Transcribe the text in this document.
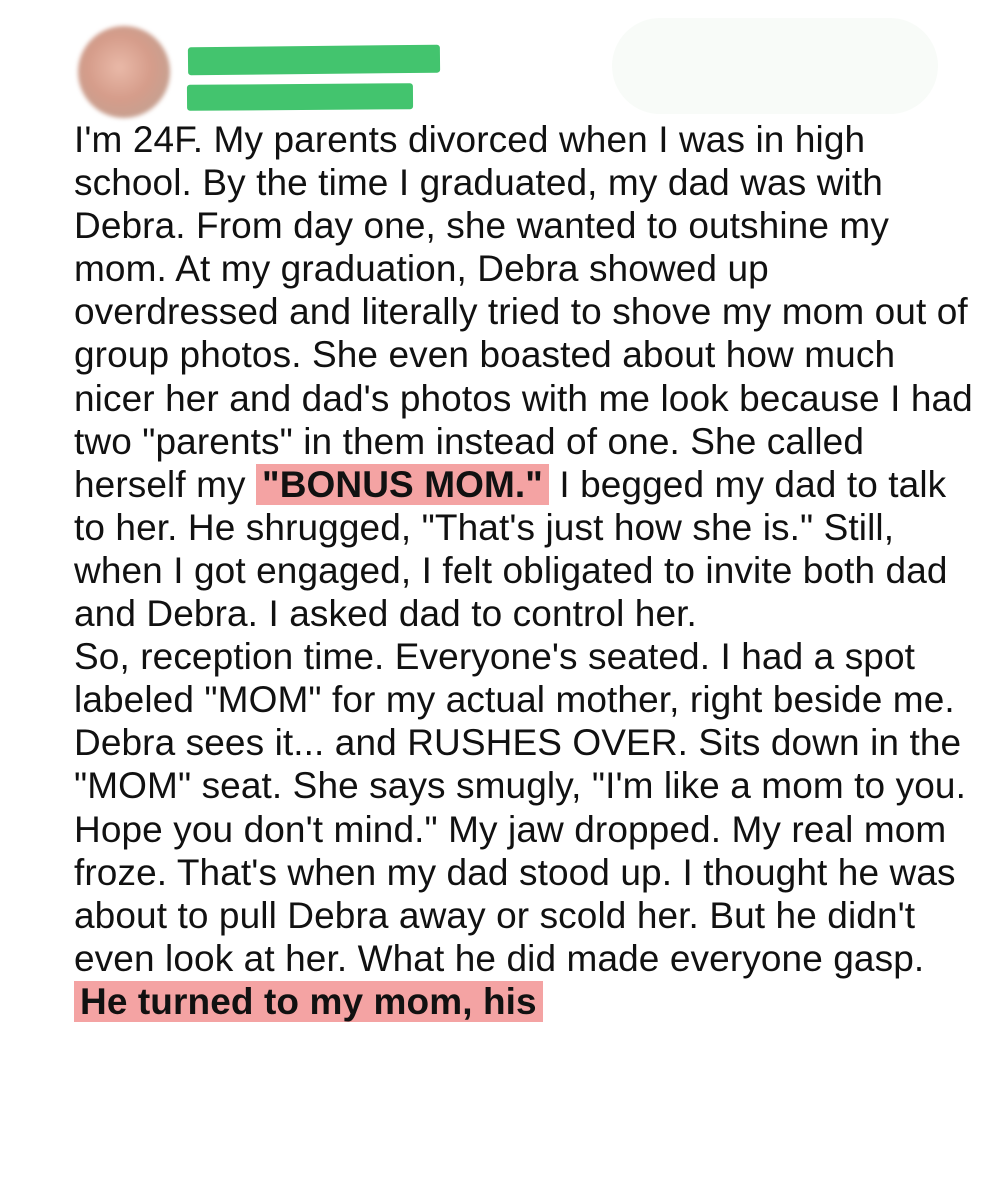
I'm 24F. My parents divorced when I was in high school. By the time I graduated, my dad was with Debra. From day one, she wanted to outshine my mom. At my graduation, Debra showed up overdressed and literally tried to shove my mom out of group photos. She even boasted about how much nicer her and dad's photos with me look because I had two "parents" in them instead of one. She called herself my "BONUS MOM." I begged my dad to talk to her. He shrugged, "That's just how she is." Still, when I got engaged, I felt obligated to invite both dad and Debra. I asked dad to control her.

So, reception time. Everyone's seated. I had a spot labeled "MOM" for my actual mother, right beside me. Debra sees it... and RUSHES OVER. Sits down in the "MOM" seat. She says smugly, "I'm like a mom to you. Hope you don't mind." My jaw dropped. My real mom froze. That's when my dad stood up. I thought he was about to pull Debra away or scold her. But he didn't even look at her. What he did made everyone gasp. He turned to my mom, his
